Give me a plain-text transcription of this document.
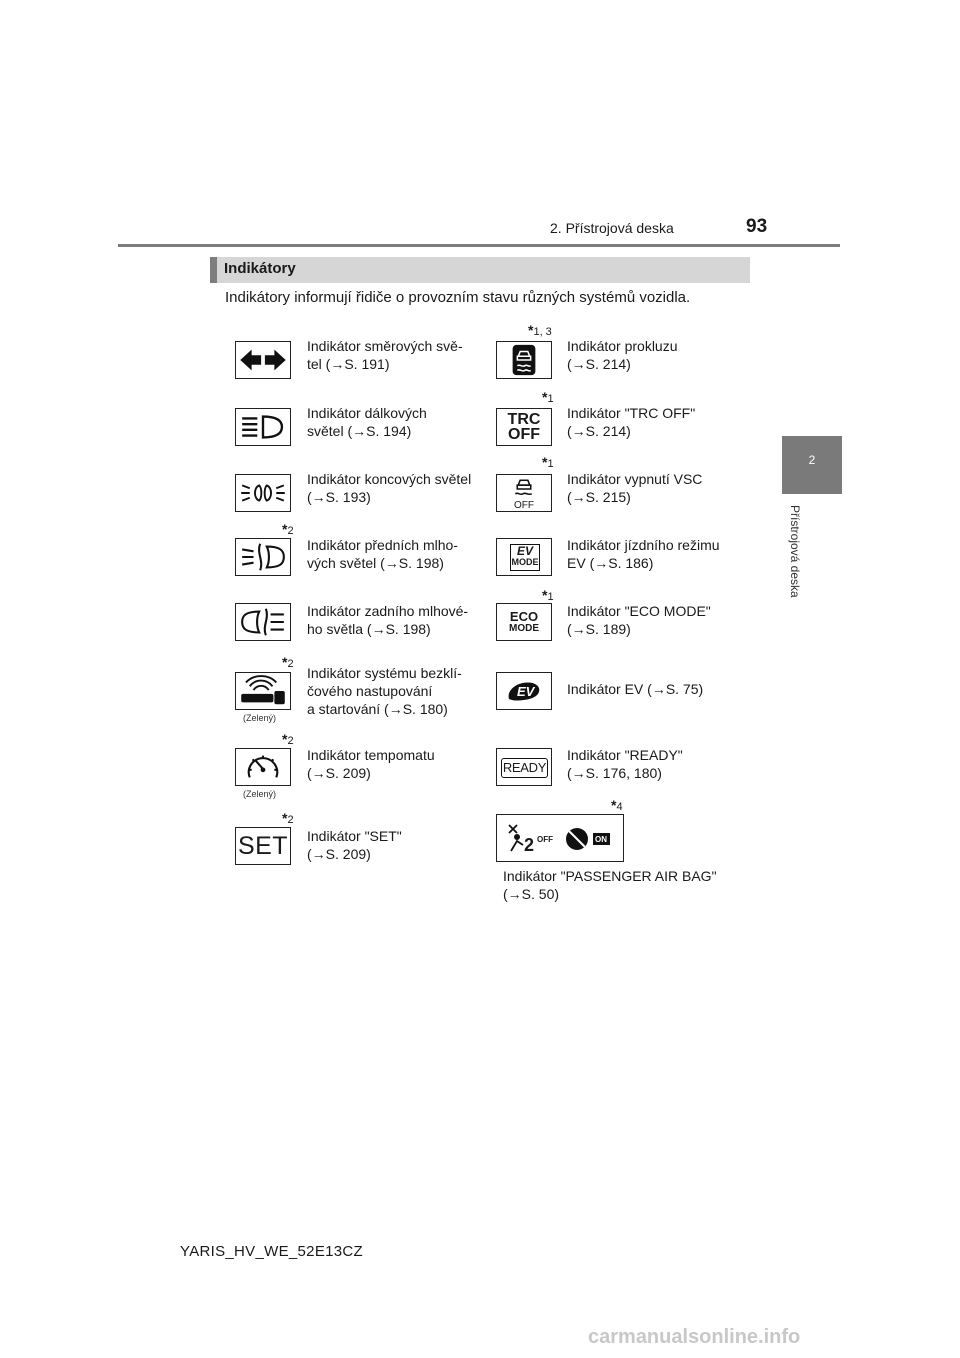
2. Přístrojová deska	93
2
Přístrojová deska
Indikátory
Indikátory informují řidiče o provozním stavu různých systémů vozidla.
Indikátor směrových svě-
tel (→S. 191)
Indikátor dálkových
světel (→S. 194)
Indikátor koncových světel
(→S. 193)
*2
Indikátor předních mlho-
vých světel (→S. 198)
Indikátor zadního mlhové-
ho světla (→S. 198)
*2
(Zelený)
Indikátor systému bezklí-
čového nastupování
a startování (→S. 180)
*2
(Zelený)
Indikátor tempomatu
(→S. 209)
*2
SET Indikátor "SET"
(→S. 209)
*1, 3
Indikátor prokluzu
(→S. 214)
*1
TRC
OFF
Indikátor "TRC OFF"
(→S. 214)
*1
OFF
Indikátor vypnutí VSC
(→S. 215)
EV
MODE
Indikátor jízdního režimu
EV (→S. 186)
*1
ECO
MODE
Indikátor "ECO MODE"
(→S. 189)
EV Indikátor EV (→S. 75)
READY
Indikátor "READY"
(→S. 176, 180)
*4
2 OFF	ON
Indikátor "PASSENGER AIR BAG"
(→S. 50)
YARIS_HV_WE_52E13CZ
carmanualsonline.info
